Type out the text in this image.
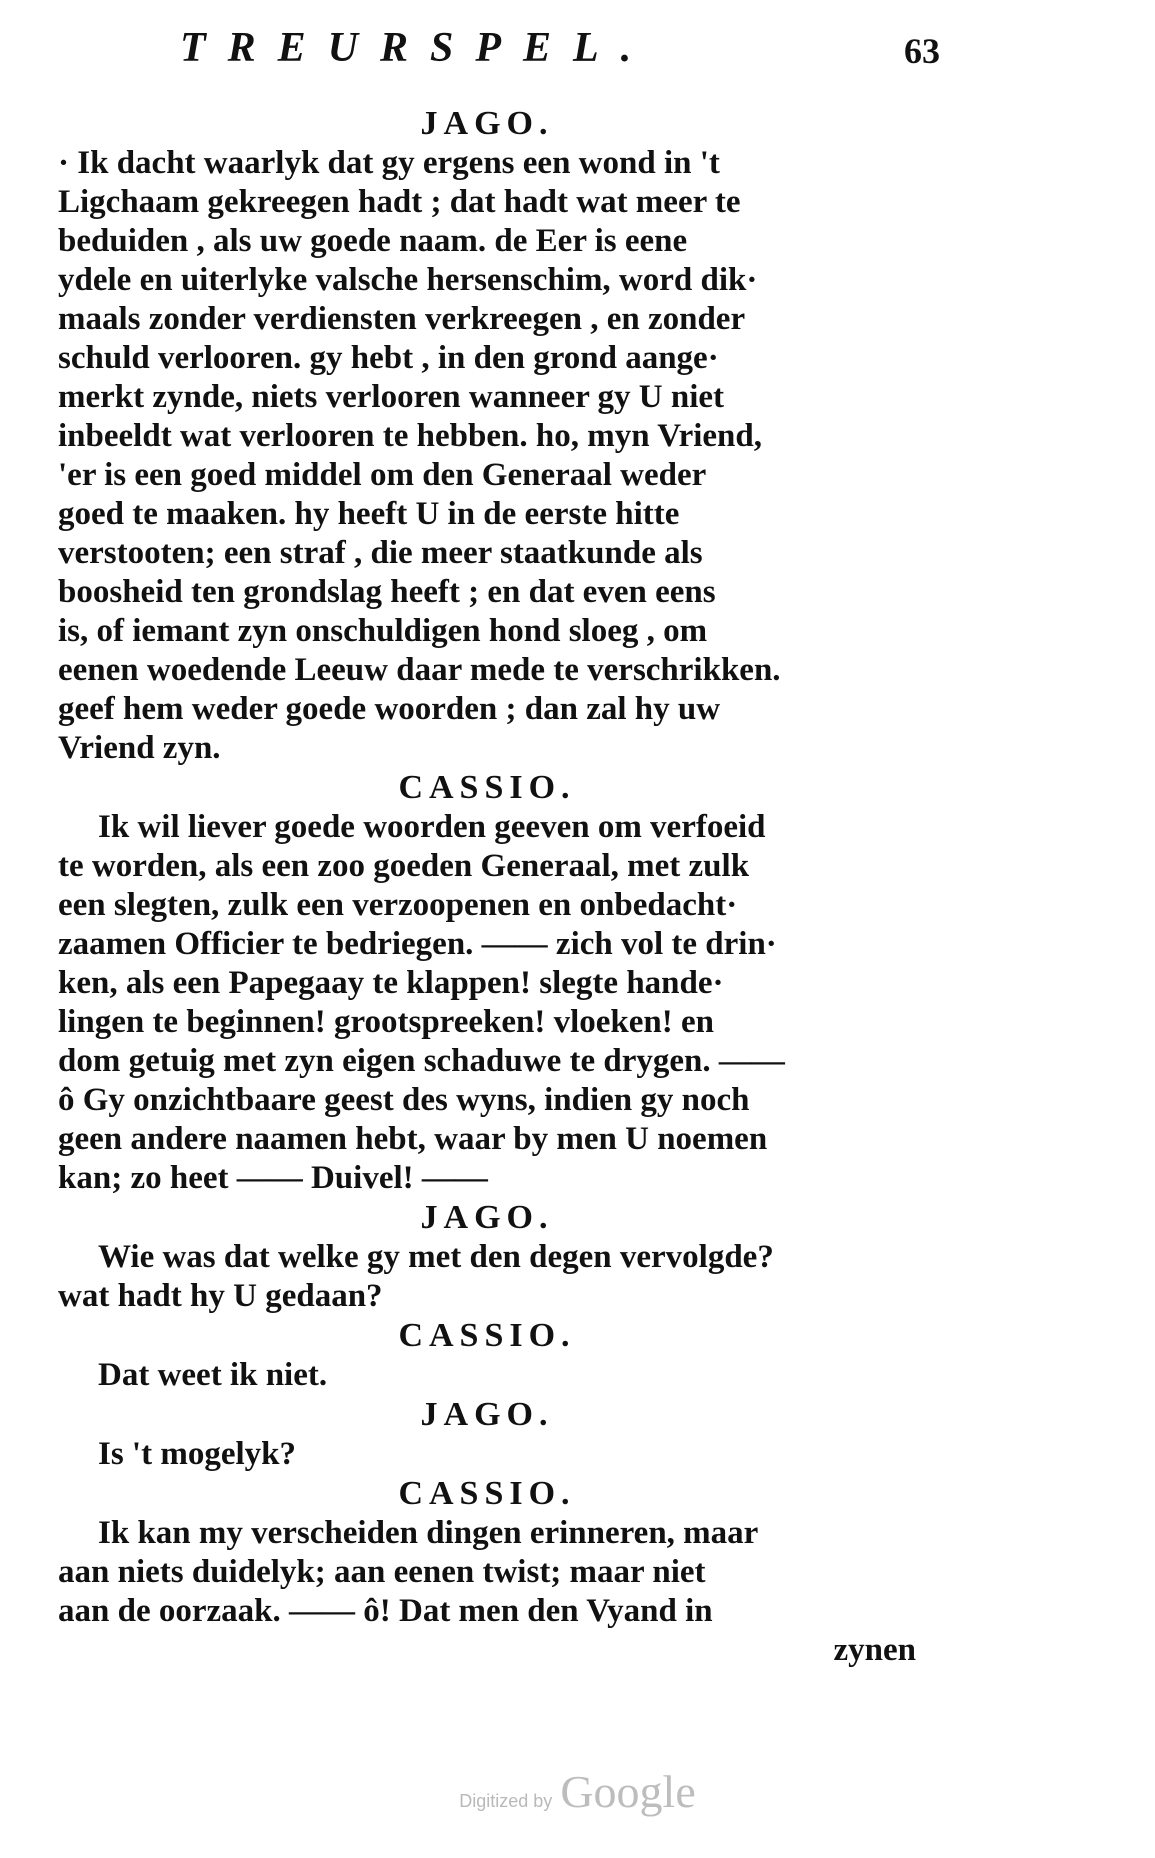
TREURSPEL.	63
JAGO.
· Ik dacht waarlyk dat gy ergens een wond in 't
Ligchaam gekreegen hadt ; dat hadt wat meer te
beduiden , als uw goede naam. de Eer is eene
ydele en uiterlyke valsche hersenschim, word dik·
maals zonder verdiensten verkreegen , en zonder
schuld verlooren. gy hebt , in den grond aange·
merkt zynde, niets verlooren wanneer gy U niet
inbeeldt wat verlooren te hebben. ho, myn Vriend,
'er is een goed middel om den Generaal weder
goed te maaken. hy heeft U in de eerste hitte
verstooten; een straf , die meer staatkunde als
boosheid ten grondslag heeft ; en dat even eens
is, of iemant zyn onschuldigen hond sloeg , om
eenen woedende Leeuw daar mede te verschrikken.
geef hem weder goede woorden ; dan zal hy uw
Vriend zyn.
CASSIO.
Ik wil liever goede woorden geeven om verfoeid
te worden, als een zoo goeden Generaal, met zulk
een slegten, zulk een verzoopenen en onbedacht·
zaamen Officier te bedriegen. —— zich vol te drin·
ken, als een Papegaay te klappen! slegte hande·
lingen te beginnen! grootspreeken! vloeken! en
dom getuig met zyn eigen schaduwe te drygen. ——
ô Gy onzichtbaare geest des wyns, indien gy noch
geen andere naamen hebt, waar by men U noemen
kan; zo heet —— Duivel! ——
JAGO.
Wie was dat welke gy met den degen vervolgde?
wat hadt hy U gedaan?
CASSIO.
Dat weet ik niet.
JAGO.
Is 't mogelyk?
CASSIO.
Ik kan my verscheiden dingen erinneren, maar
aan niets duidelyk; aan eenen twist; maar niet
aan de oorzaak. —— ô! Dat men den Vyand in
zynen
Digitized by Google
